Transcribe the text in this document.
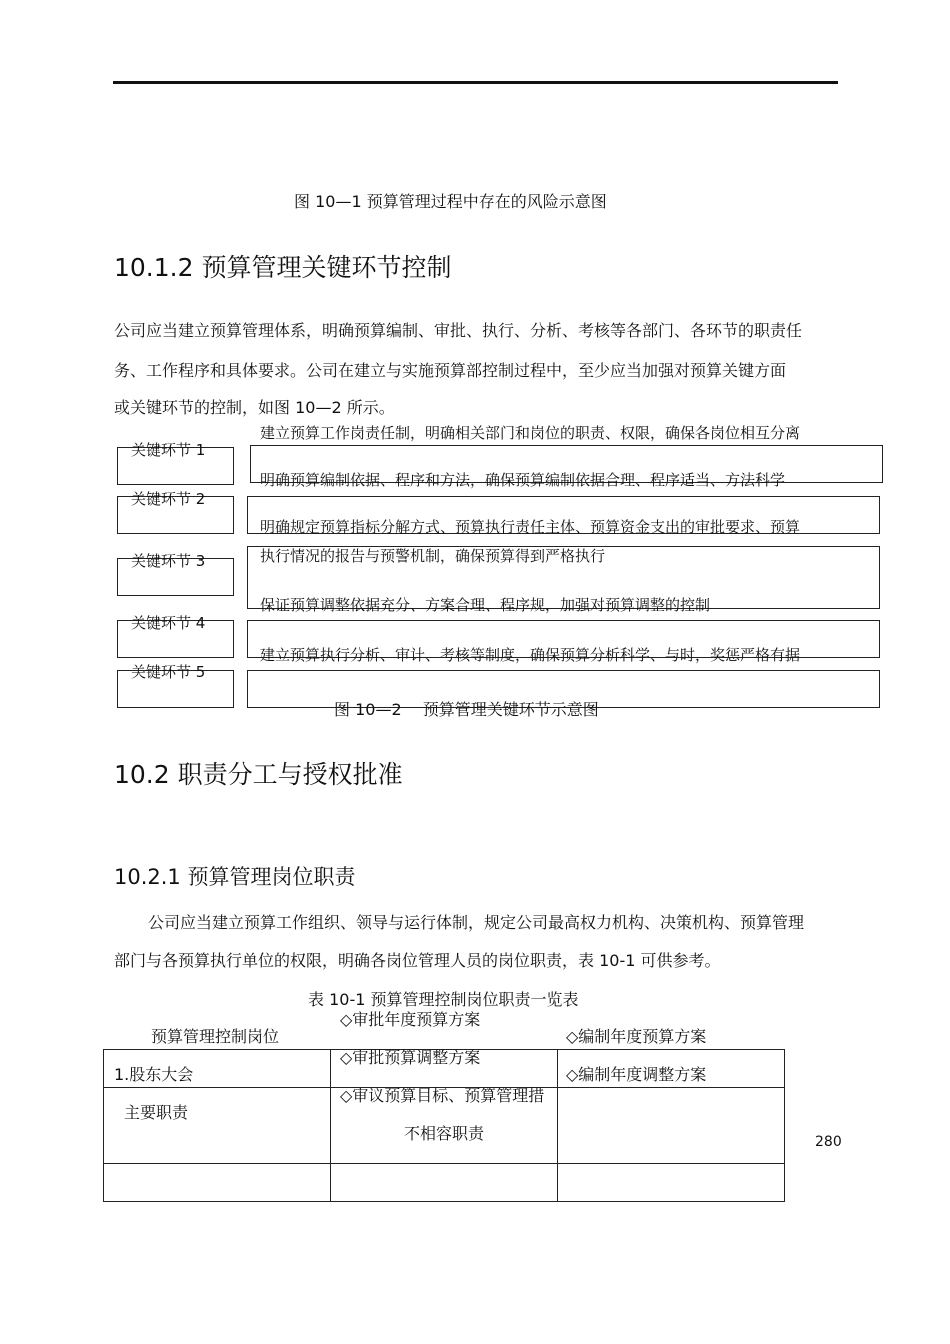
图 10—1 预算管理过程中存在的风险示意图
10.1.2 预算管理关键环节控制
公司应当建立预算管理体系，明确预算编制、审批、执行、分析、考核等各部门、各环节的职责任
务、工作程序和具体要求。公司在建立与实施预算部控制过程中，至少应当加强对预算关键方面
或关键环节的控制，如图 10—2 所示。
关键环节 1
关键环节 2
关键环节 3
关键环节 4
关键环节 5
建立预算工作岗责任制，明确相关部门和岗位的职责、权限，确保各岗位相互分离
明确预算编制依据、程序和方法，确保预算编制依据合理、程序适当、方法科学
明确规定预算指标分解方式、预算执行责任主体、预算资金支出的审批要求、预算
执行情况的报告与预警机制，确保预算得到严格执行
保证预算调整依据充分、方案合理、程序规，加强对预算调整的控制
建立预算执行分析、审计、考核等制度，确保预算分析科学、与时，奖惩严格有据
图 10—2　 预算管理关键环节示意图
10.2 职责分工与授权批准
10.2.1 预算管理岗位职责
公司应当建立预算工作组织、领导与运行体制，规定公司最高权力机构、决策机构、预算管理
部门与各预算执行单位的权限，明确各岗位管理人员的岗位职责，表 10-1 可供参考。
表 10-1 预算管理控制岗位职责一览表
预算管理控制岗位
1.股东大会
主要职责
◇审批年度预算方案
◇审批预算调整方案
◇审议预算目标、预算管理措
不相容职责
◇编制年度预算方案
◇编制年度调整方案
280
